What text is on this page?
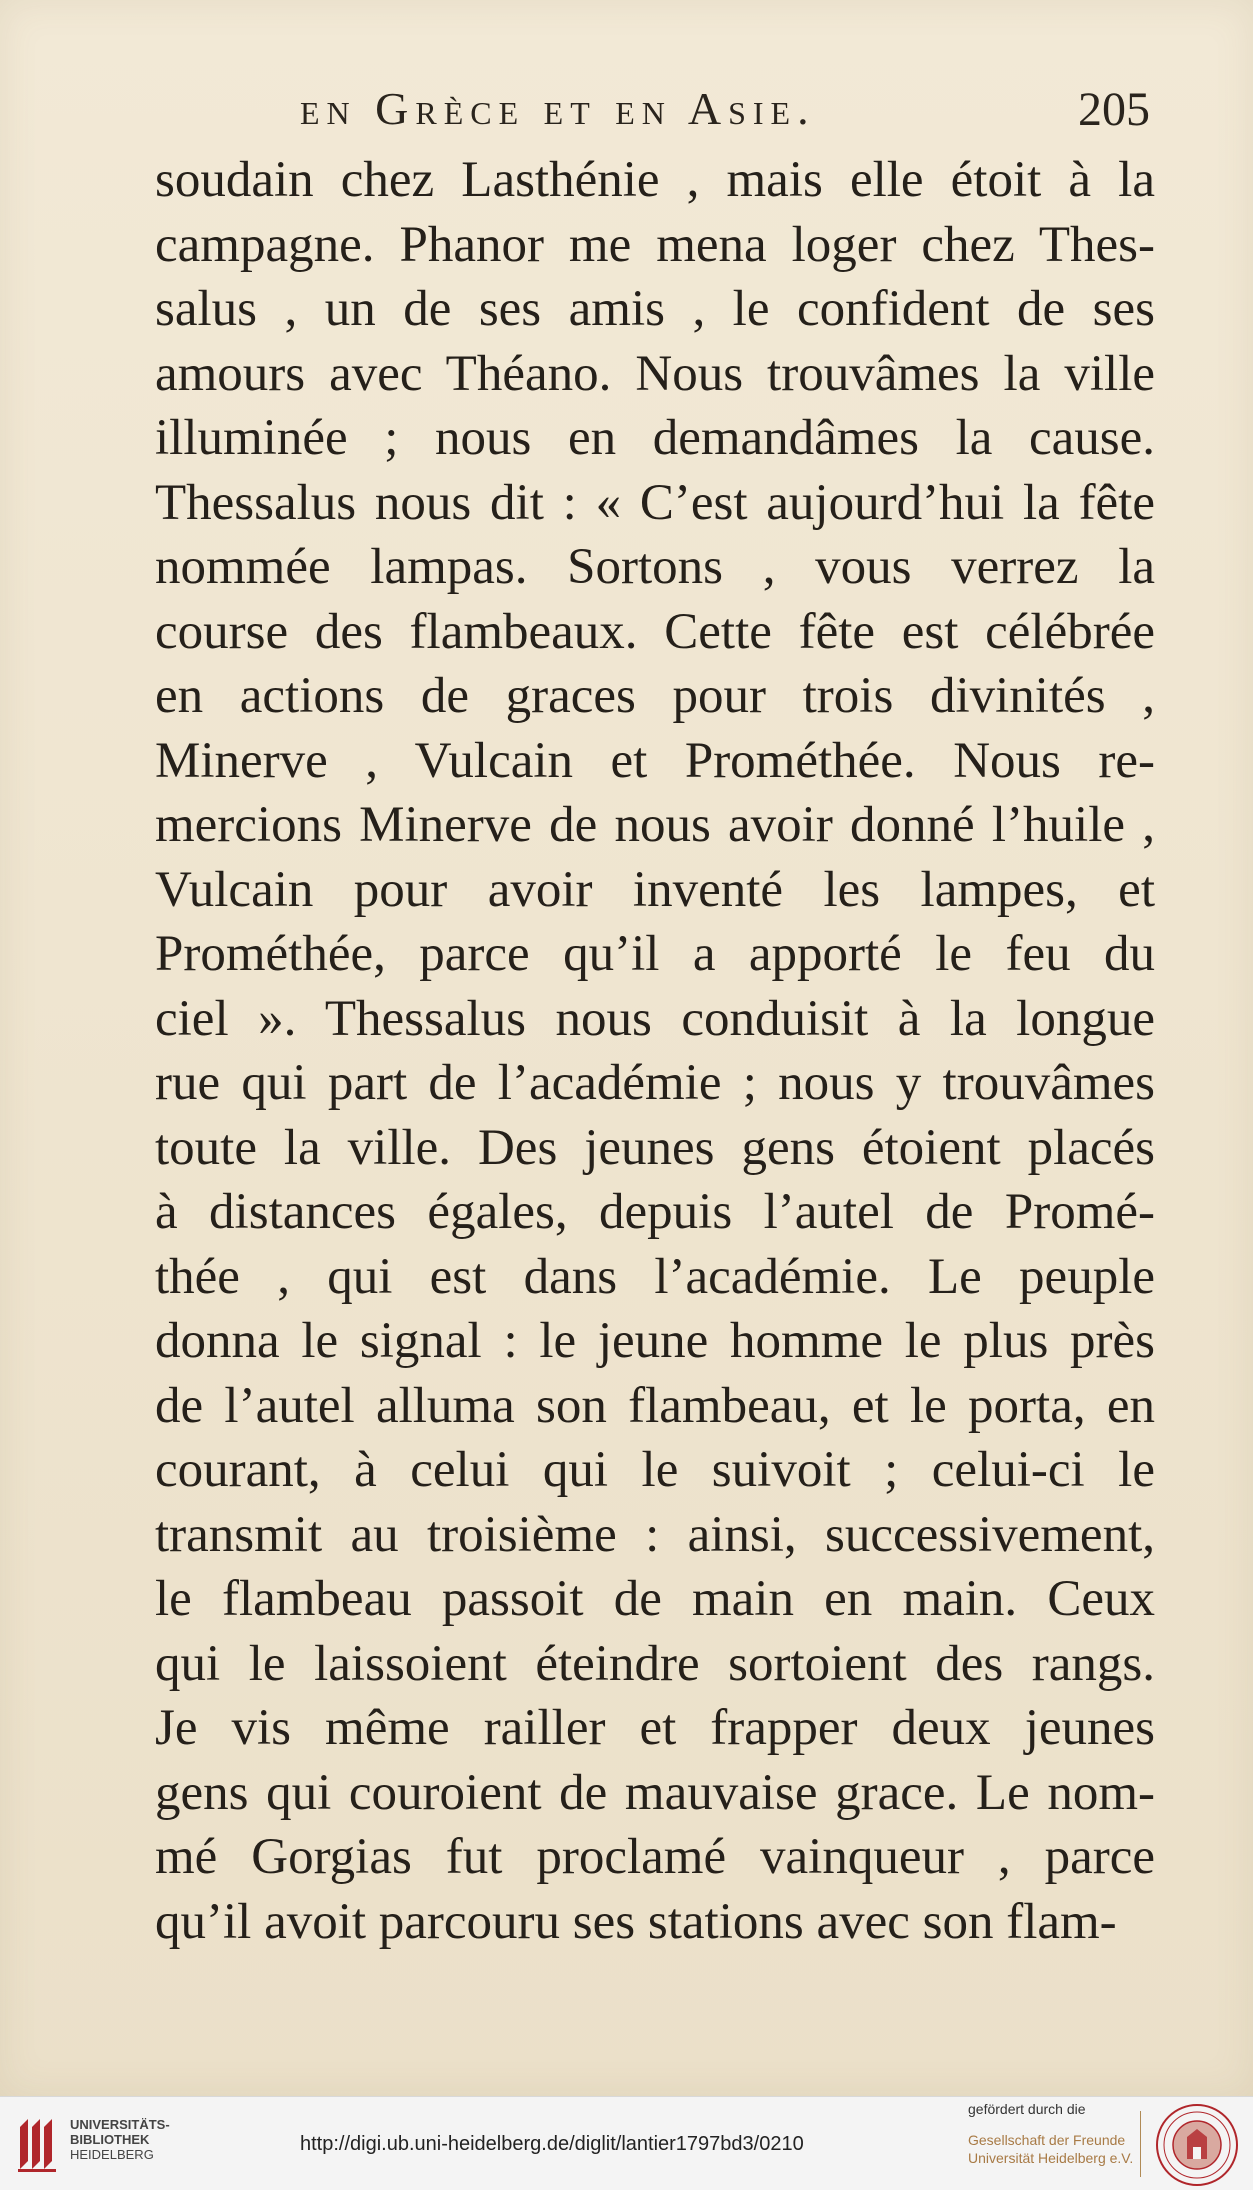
en Grèce et en Asie.	205
soudain chez Lasthénie , mais elle étoit à la
campagne. Phanor me mena loger chez Thes-
salus , un de ses amis , le confident de ses
amours avec Théano. Nous trouvâmes la ville
illuminée ; nous en demandâmes la cause.
Thessalus nous dit : « C’est aujourd’hui la fête
nommée lampas. Sortons , vous verrez la
course des flambeaux. Cette fête est célébrée
en actions de graces pour trois divinités ,
Minerve , Vulcain et Prométhée. Nous re-
mercions Minerve de nous avoir donné l’huile ,
Vulcain pour avoir inventé les lampes, et
Prométhée, parce qu’il a apporté le feu du
ciel ». Thessalus nous conduisit à la longue
rue qui part de l’académie ; nous y trouvâmes
toute la ville. Des jeunes gens étoient placés
à distances égales, depuis l’autel de Promé-
thée , qui est dans l’académie. Le peuple
donna le signal : le jeune homme le plus près
de l’autel alluma son flambeau, et le porta, en
courant, à celui qui le suivoit ; celui-ci le
transmit au troisième : ainsi, successivement,
le flambeau passoit de main en main. Ceux
qui le laissoient éteindre sortoient des rangs.
Je vis même railler et frapper deux jeunes
gens qui couroient de mauvaise grace. Le nom-
mé Gorgias fut proclamé vainqueur , parce
qu’il avoit parcouru ses stations avec son flam-
UNIVERSITÄTS-
BIBLIOTHEK
HEIDELBERG	http://digi.ub.uni-heidelberg.de/diglit/lantier1797bd3/0210
gefördert durch die
Gesellschaft der Freunde
Universität Heidelberg e.V.
